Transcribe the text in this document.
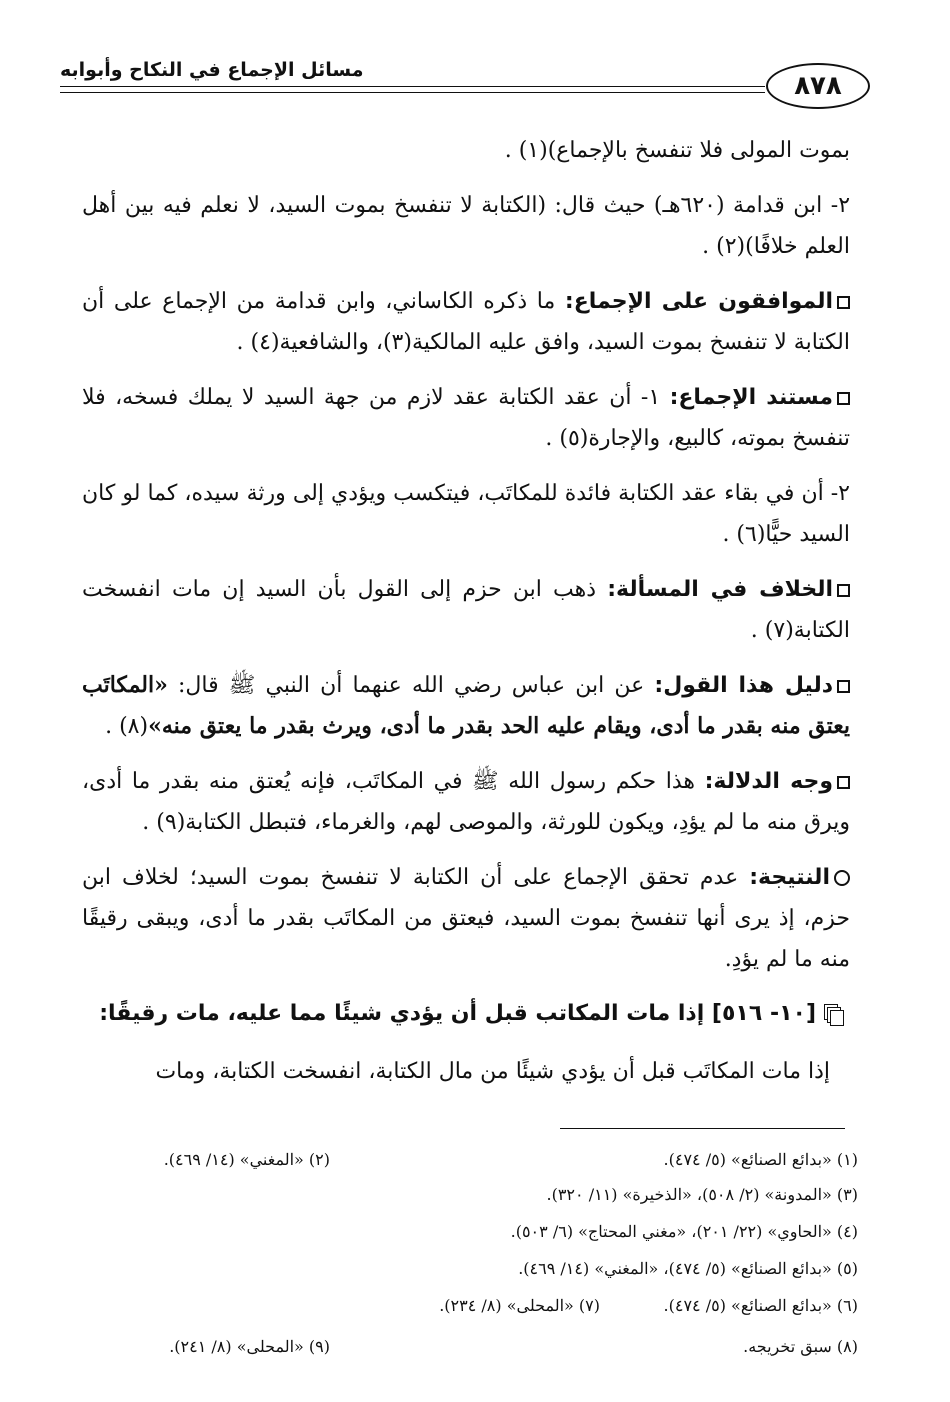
مسائل الإجماع في النكاح وأبوابه
٨٧٨

بموت المولى فلا تنفسخ بالإجماع)(١) .

٢- ابن قدامة (٦٢٠هـ) حيث قال: (الكتابة لا تنفسخ بموت السيد، لا نعلم فيه بين أهل العلم خلافًا)(٢) .

الموافقون على الإجماع: ما ذكره الكاساني، وابن قدامة من الإجماع على أن الكتابة لا تنفسخ بموت السيد، وافق عليه المالكية(٣)، والشافعية(٤) .

مستند الإجماع: ١- أن عقد الكتابة عقد لازم من جهة السيد لا يملك فسخه، فلا تنفسخ بموته، كالبيع، والإجارة(٥) .

٢- أن في بقاء عقد الكتابة فائدة للمكاتَب، فيتكسب ويؤدي إلى ورثة سيده، كما لو كان السيد حيًّا(٦) .

الخلاف في المسألة: ذهب ابن حزم إلى القول بأن السيد إن مات انفسخت الكتابة(٧) .

دليل هذا القول: عن ابن عباس رضي الله عنهما أن النبي ﷺ قال: «المكاتَب يعتق منه بقدر ما أدى، ويقام عليه الحد بقدر ما أدى، ويرث بقدر ما يعتق منه»(٨) .

وجه الدلالة: هذا حكم رسول الله ﷺ في المكاتَب، فإنه يُعتق منه بقدر ما أدى، ويرق منه ما لم يؤدِ، ويكون للورثة، والموصى لهم، والغرماء، فتبطل الكتابة(٩) .

النتيجة: عدم تحقق الإجماع على أن الكتابة لا تنفسخ بموت السيد؛ لخلاف ابن حزم، إذ يرى أنها تنفسخ بموت السيد، فيعتق من المكاتَب بقدر ما أدى، ويبقى رقيقًا منه ما لم يؤدِ.

[١٠- ٥١٦] إذا مات المكاتب قبل أن يؤدي شيئًا مما عليه، مات رقيقًا:

إذا مات المكاتَب قبل أن يؤدي شيئًا من مال الكتابة، انفسخت الكتابة، ومات

(١) «بدائع الصنائع» (٥/ ٤٧٤).
(٢) «المغني» (١٤/ ٤٦٩).
(٣) «المدونة» (٢/ ٥٠٨)، «الذخيرة» (١١/ ٣٢٠).
(٤) «الحاوي» (٢٢/ ٢٠١)، «مغني المحتاج» (٦/ ٥٠٣).
(٥) «بدائع الصنائع» (٥/ ٤٧٤)، «المغني» (١٤/ ٤٦٩).
(٦) «بدائع الصنائع» (٥/ ٤٧٤).
(٧) «المحلى» (٨/ ٢٣٤).
(٨) سبق تخريجه.
(٩) «المحلى» (٨/ ٢٤١).
